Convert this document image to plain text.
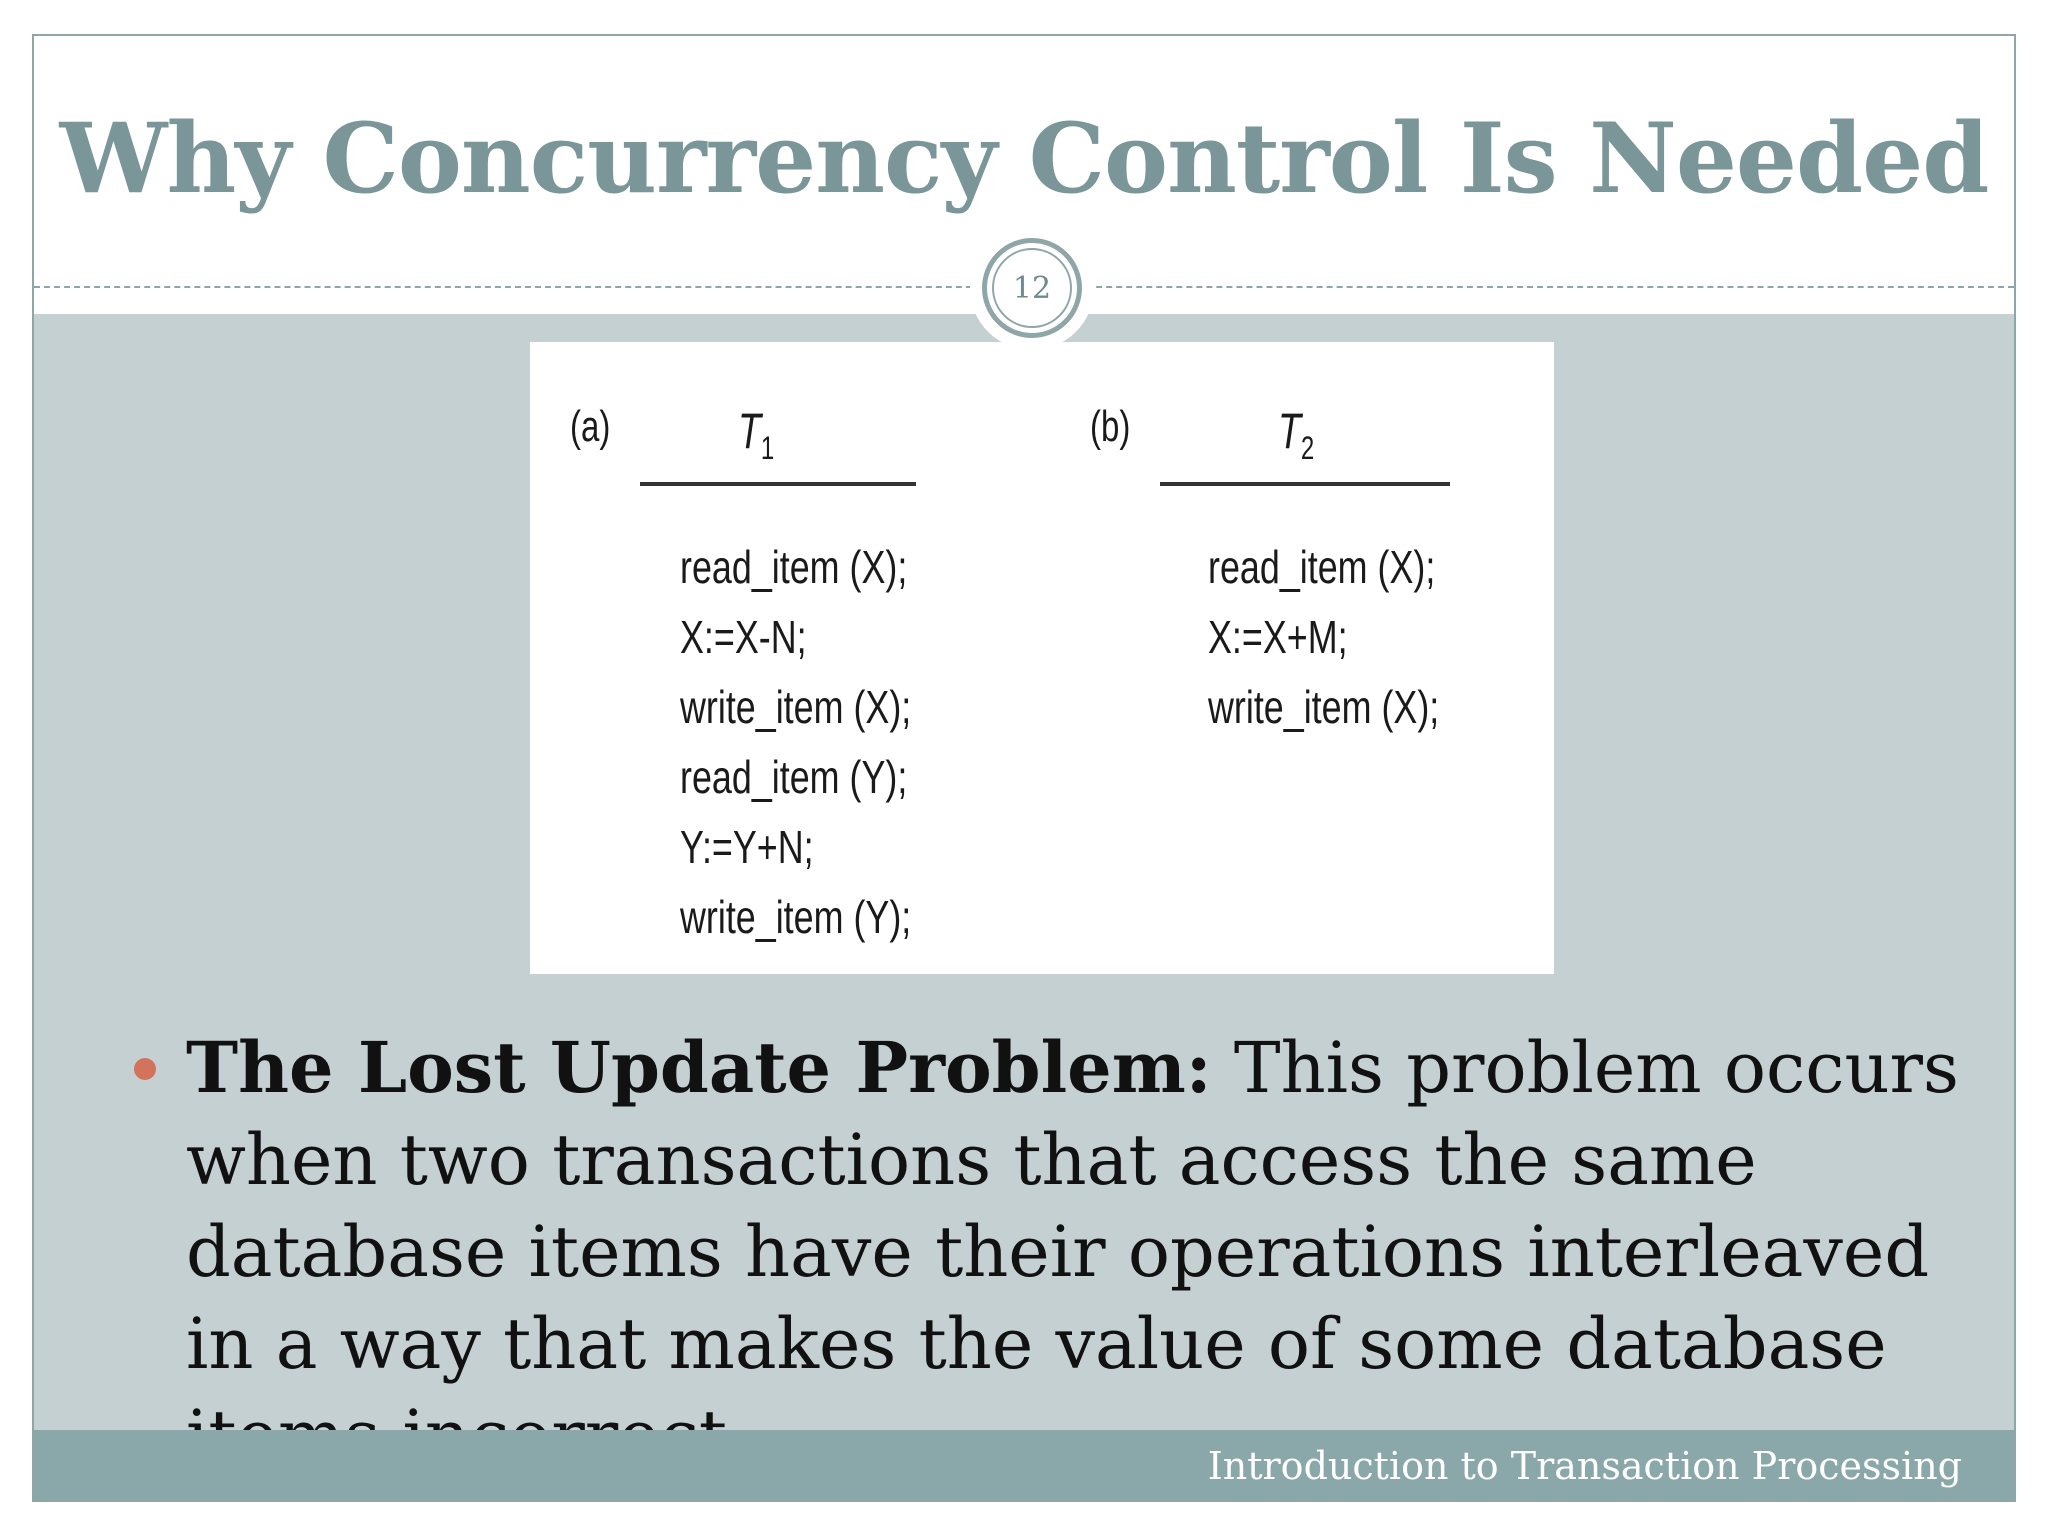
Why Concurrency Control Is Needed
12
(a)	$T_1$
read_item (X);
X:=X-N;
write_item (X);
read_item (Y);
Y:=Y+N;
write_item (Y);
(b)	$T_2$
read_item (X);
X:=X+M;
write_item (X);

The Lost Update Problem: This problem occurs when two transactions that access the same database items have their operations interleaved in a way that makes the value of some database

Introduction to Transaction Processing
